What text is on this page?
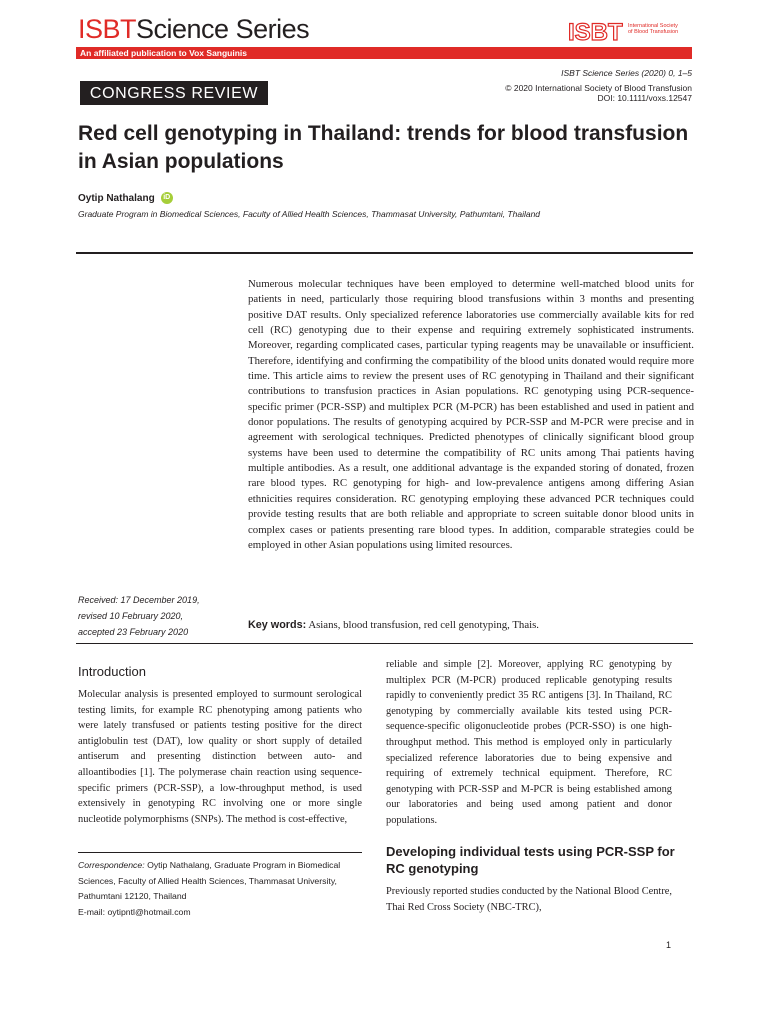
ISBTScience Series	ISBT International Society of Blood Transfusion
An affiliated publication to Vox Sanguinis
CONGRESS REVIEW
ISBT Science Series (2020) 0, 1–5
© 2020 International Society of Blood Transfusion
DOI: 10.1111/voxs.12547
Red cell genotyping in Thailand: trends for blood transfusion in Asian populations
Oytip Nathalang	iD
Graduate Program in Biomedical Sciences, Faculty of Allied Health Sciences, Thammasat University, Pathumtani, Thailand
Numerous molecular techniques have been employed to determine well-matched blood units for patients in need, particularly those requiring blood transfusions within 3 months and presenting positive DAT results. Only specialized reference laboratories use commercially available kits for red cell (RC) genotyping due to their expense and requiring extremely sophisticated instruments. Moreover, regarding complicated cases, particular typing reagents may be unavailable or insufficient. Therefore, identifying and confirming the compatibility of the blood units donated would require more time. This article aims to review the present uses of RC genotyping in Thailand and their significant contributions to transfusion practices in Asian populations. RC genotyping using PCR-sequence-specific primer (PCR-SSP) and multiplex PCR (M-PCR) has been established and used in patient and donor populations. The results of genotyping acquired by PCR-SSP and M-PCR were precise and in agreement with serological techniques. Predicted phenotypes of clinically significant blood group systems have been used to determine the compatibility of RC units among Thai patients having multiple antibodies. As a result, one additional advantage is the expanded storing of donated, frozen rare blood types. RC genotyping for high- and low-prevalence antigens among differing Asian ethnicities requires consideration. RC genotyping employing these advanced PCR techniques could provide testing results that are both reliable and appropriate to screen suitable donor blood units in complex cases or patients presenting rare blood types. In addition, comparable strategies could be employed in other Asian populations using limited resources.
Key words: Asians, blood transfusion, red cell genotyping, Thais.
Received: 17 December 2019,
revised 10 February 2020,
accepted 23 February 2020
Introduction
Molecular analysis is presented employed to surmount serological testing limits, for example RC phenotyping among patients who were lately transfused or patients testing positive for the direct antiglobulin test (DAT), low quality or short supply of detailed antiserum and presenting distinction between auto- and alloantibodies [1]. The polymerase chain reaction using sequence-specific primers (PCR-SSP), a low-throughput method, is used extensively in genotyping RC involving one or more single nucleotide polymorphisms (SNPs). The method is cost-effective,
reliable and simple [2]. Moreover, applying RC genotyping by multiplex PCR (M-PCR) produced replicable genotyping results rapidly to conveniently predict 35 RC antigens [3]. In Thailand, RC genotyping by commercially available kits tested using PCR-sequence-specific oligonucleotide probes (PCR-SSO) is one high-throughput method. This method is employed only in particularly specialized reference laboratories due to being expensive and requiring of extremely technical equipment. Therefore, RC genotyping with PCR-SSP and M-PCR is being established among our laboratories and being used among patient and donor populations.
Developing individual tests using PCR-SSP for RC genotyping
Previously reported studies conducted by the National Blood Centre, Thai Red Cross Society (NBC-TRC),
Correspondence: Oytip Nathalang, Graduate Program in Biomedical
Sciences, Faculty of Allied Health Sciences, Thammasat University,
Pathumtani 12120, Thailand
E-mail: oytipntl@hotmail.com
1
